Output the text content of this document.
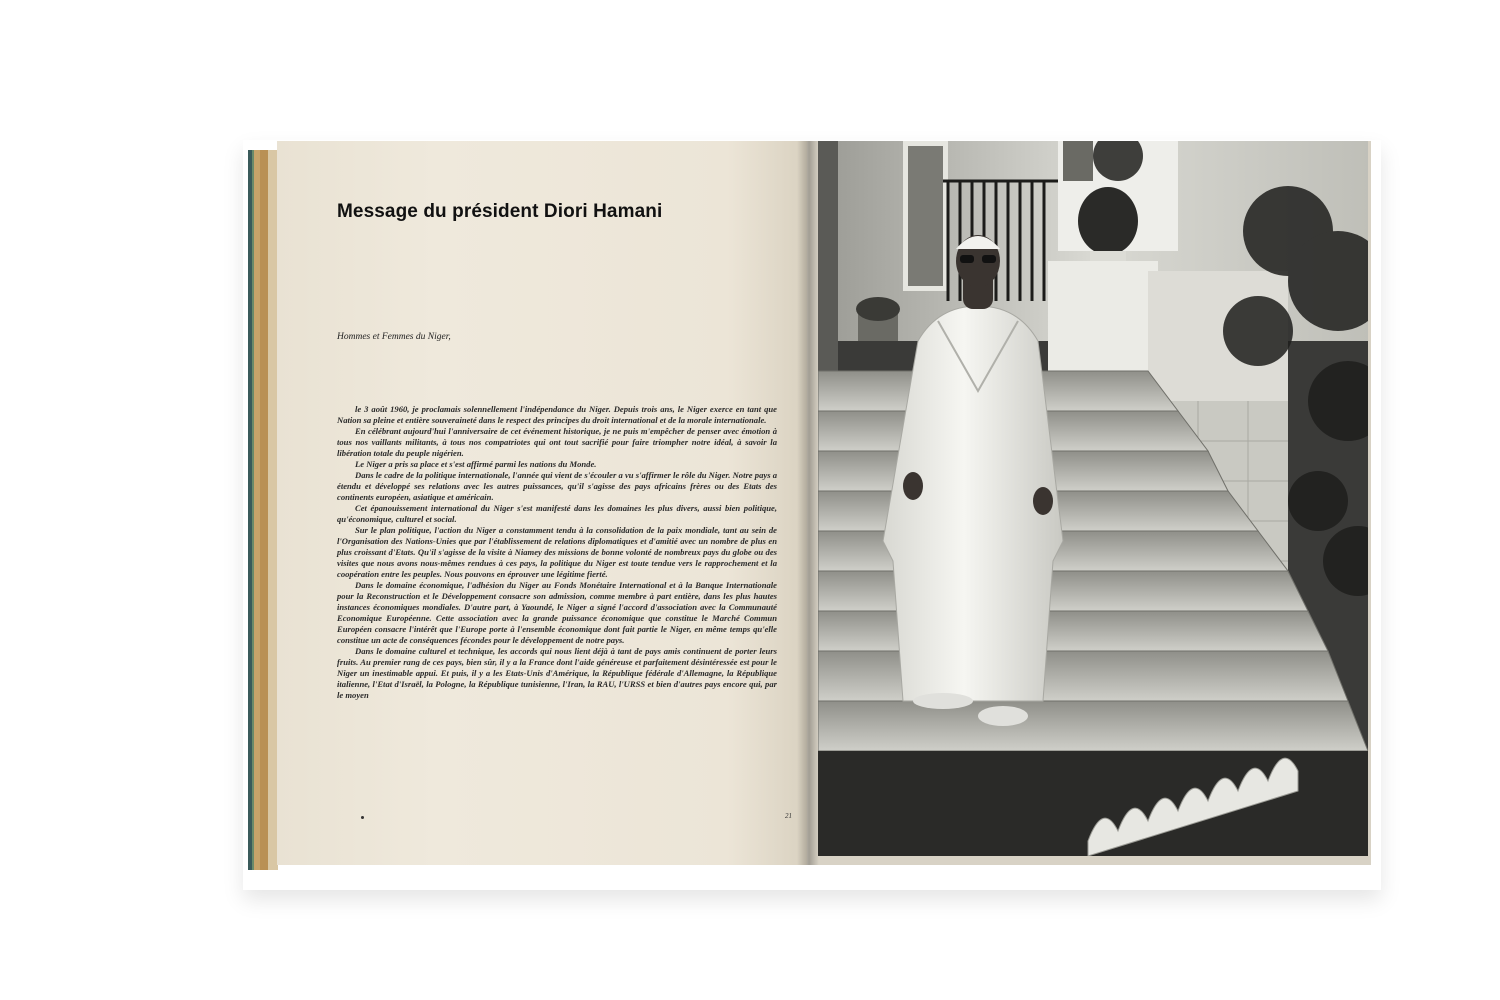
Message du président Diori Hamani
Hommes et Femmes du Niger,

le 3 août 1960, je proclamais solennellement l'indépendance du Niger. Depuis trois ans, le Niger exerce en tant que Nation sa pleine et entière souveraineté dans le respect des principes du droit international et de la morale internationale.

En célébrant aujourd'hui l'anniversaire de cet événement historique, je ne puis m'empêcher de penser avec émotion à tous nos vaillants militants, à tous nos compatriotes qui ont tout sacrifié pour faire triompher notre idéal, à savoir la libération totale du peuple nigérien.

Le Niger a pris sa place et s'est affirmé parmi les nations du Monde.

Dans le cadre de la politique internationale, l'année qui vient de s'écouler a vu s'affirmer le rôle du Niger. Notre pays a étendu et développé ses relations avec les autres puissances, qu'il s'agisse des pays africains frères ou des Etats des continents européen, asiatique et américain.

Cet épanouissement international du Niger s'est manifesté dans les domaines les plus divers, aussi bien politique, qu'économique, culturel et social.

Sur le plan politique, l'action du Niger a constamment tendu à la consolidation de la paix mondiale, tant au sein de l'Organisation des Nations-Unies que par l'établissement de relations diplomatiques et d'amitié avec un nombre de plus en plus croissant d'Etats. Qu'il s'agisse de la visite à Niamey des missions de bonne volonté de nombreux pays du globe ou des visites que nous avons nous-mêmes rendues à ces pays, la politique du Niger est toute tendue vers le rapprochement et la coopération entre les peuples. Nous pouvons en éprouver une légitime fierté.

Dans le domaine économique, l'adhésion du Niger au Fonds Monétaire International et à la Banque Internationale pour la Reconstruction et le Développement consacre son admission, comme membre à part entière, dans les plus hautes instances économiques mondiales. D'autre part, à Yaoundé, le Niger a signé l'accord d'association avec la Communauté Economique Européenne. Cette association avec la grande puissance économique que constitue le Marché Commun Européen consacre l'intérêt que l'Europe porte à l'ensemble économique dont fait partie le Niger, en même temps qu'elle constitue un acte de conséquences fécondes pour le développement de notre pays.

Dans le domaine culturel et technique, les accords qui nous lient déjà à tant de pays amis continuent de porter leurs fruits. Au premier rang de ces pays, bien sûr, il y a la France dont l'aide généreuse et parfaitement désintéressée est pour le Niger un inestimable appui. Et puis, il y a les Etats-Unis d'Amérique, la République fédérale d'Allemagne, la République italienne, l'Etat d'Israël, la Pologne, la République tunisienne, l'Iran, la RAU, l'URSS et bien d'autres pays encore qui, par le moyen

21
